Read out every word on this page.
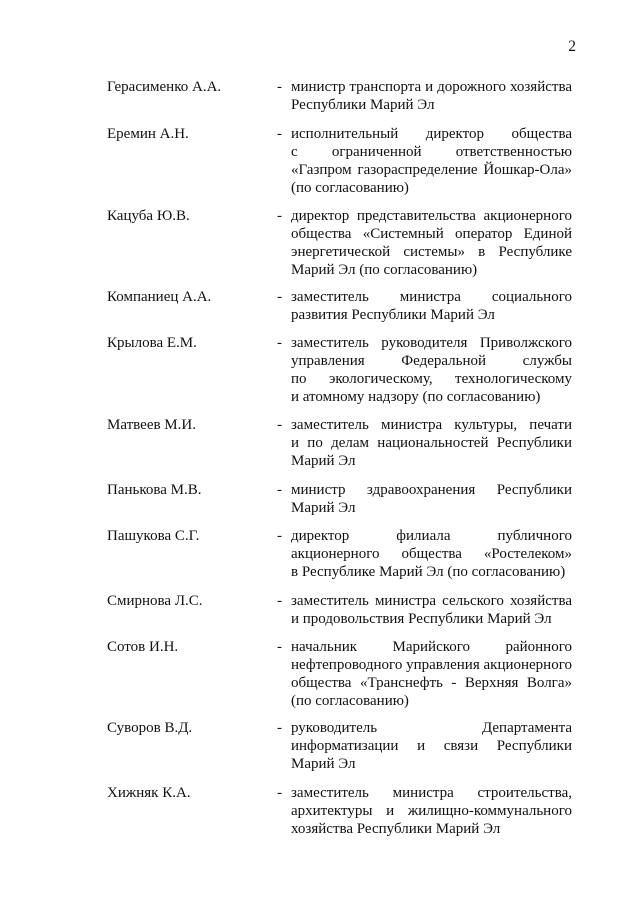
2
Герасименко А.А.	- министр транспорта и дорожного хозяйства
Республики Марий Эл
Еремин А.Н.	- исполнительный директор общества
с ограниченной ответственностью
«Газпром газораспределение Йошкар-Ола»
(по согласованию)
Кацуба Ю.В.	- директор представительства акционерного
общества «Системный оператор Единой
энергетической системы» в Республике
Марий Эл (по согласованию)
Компаниец А.А.	- заместитель министра социального
развития Республики Марий Эл
Крылова Е.М.	- заместитель руководителя Приволжского
управления Федеральной службы
по экологическому, технологическому
и атомному надзору (по согласованию)
Матвеев М.И.	- заместитель министра культуры, печати
и по делам национальностей Республики
Марий Эл
Панькова М.В.	- министр здравоохранения Республики
Марий Эл
Пашукова С.Г.	- директор филиала публичного
акционерного общества «Ростелеком»
в Республике Марий Эл (по согласованию)
Смирнова Л.С.	- заместитель министра сельского хозяйства
и продовольствия Республики Марий Эл
Сотов И.Н.	- начальник Марийского районного
нефтепроводного управления акционерного
общества «Транснефть - Верхняя Волга»
(по согласованию)
Суворов В.Д.	- руководитель Департамента
информатизации и связи Республики
Марий Эл
Хижняк К.А.	- заместитель министра строительства,
архитектуры и жилищно-коммунального
хозяйства Республики Марий Эл
